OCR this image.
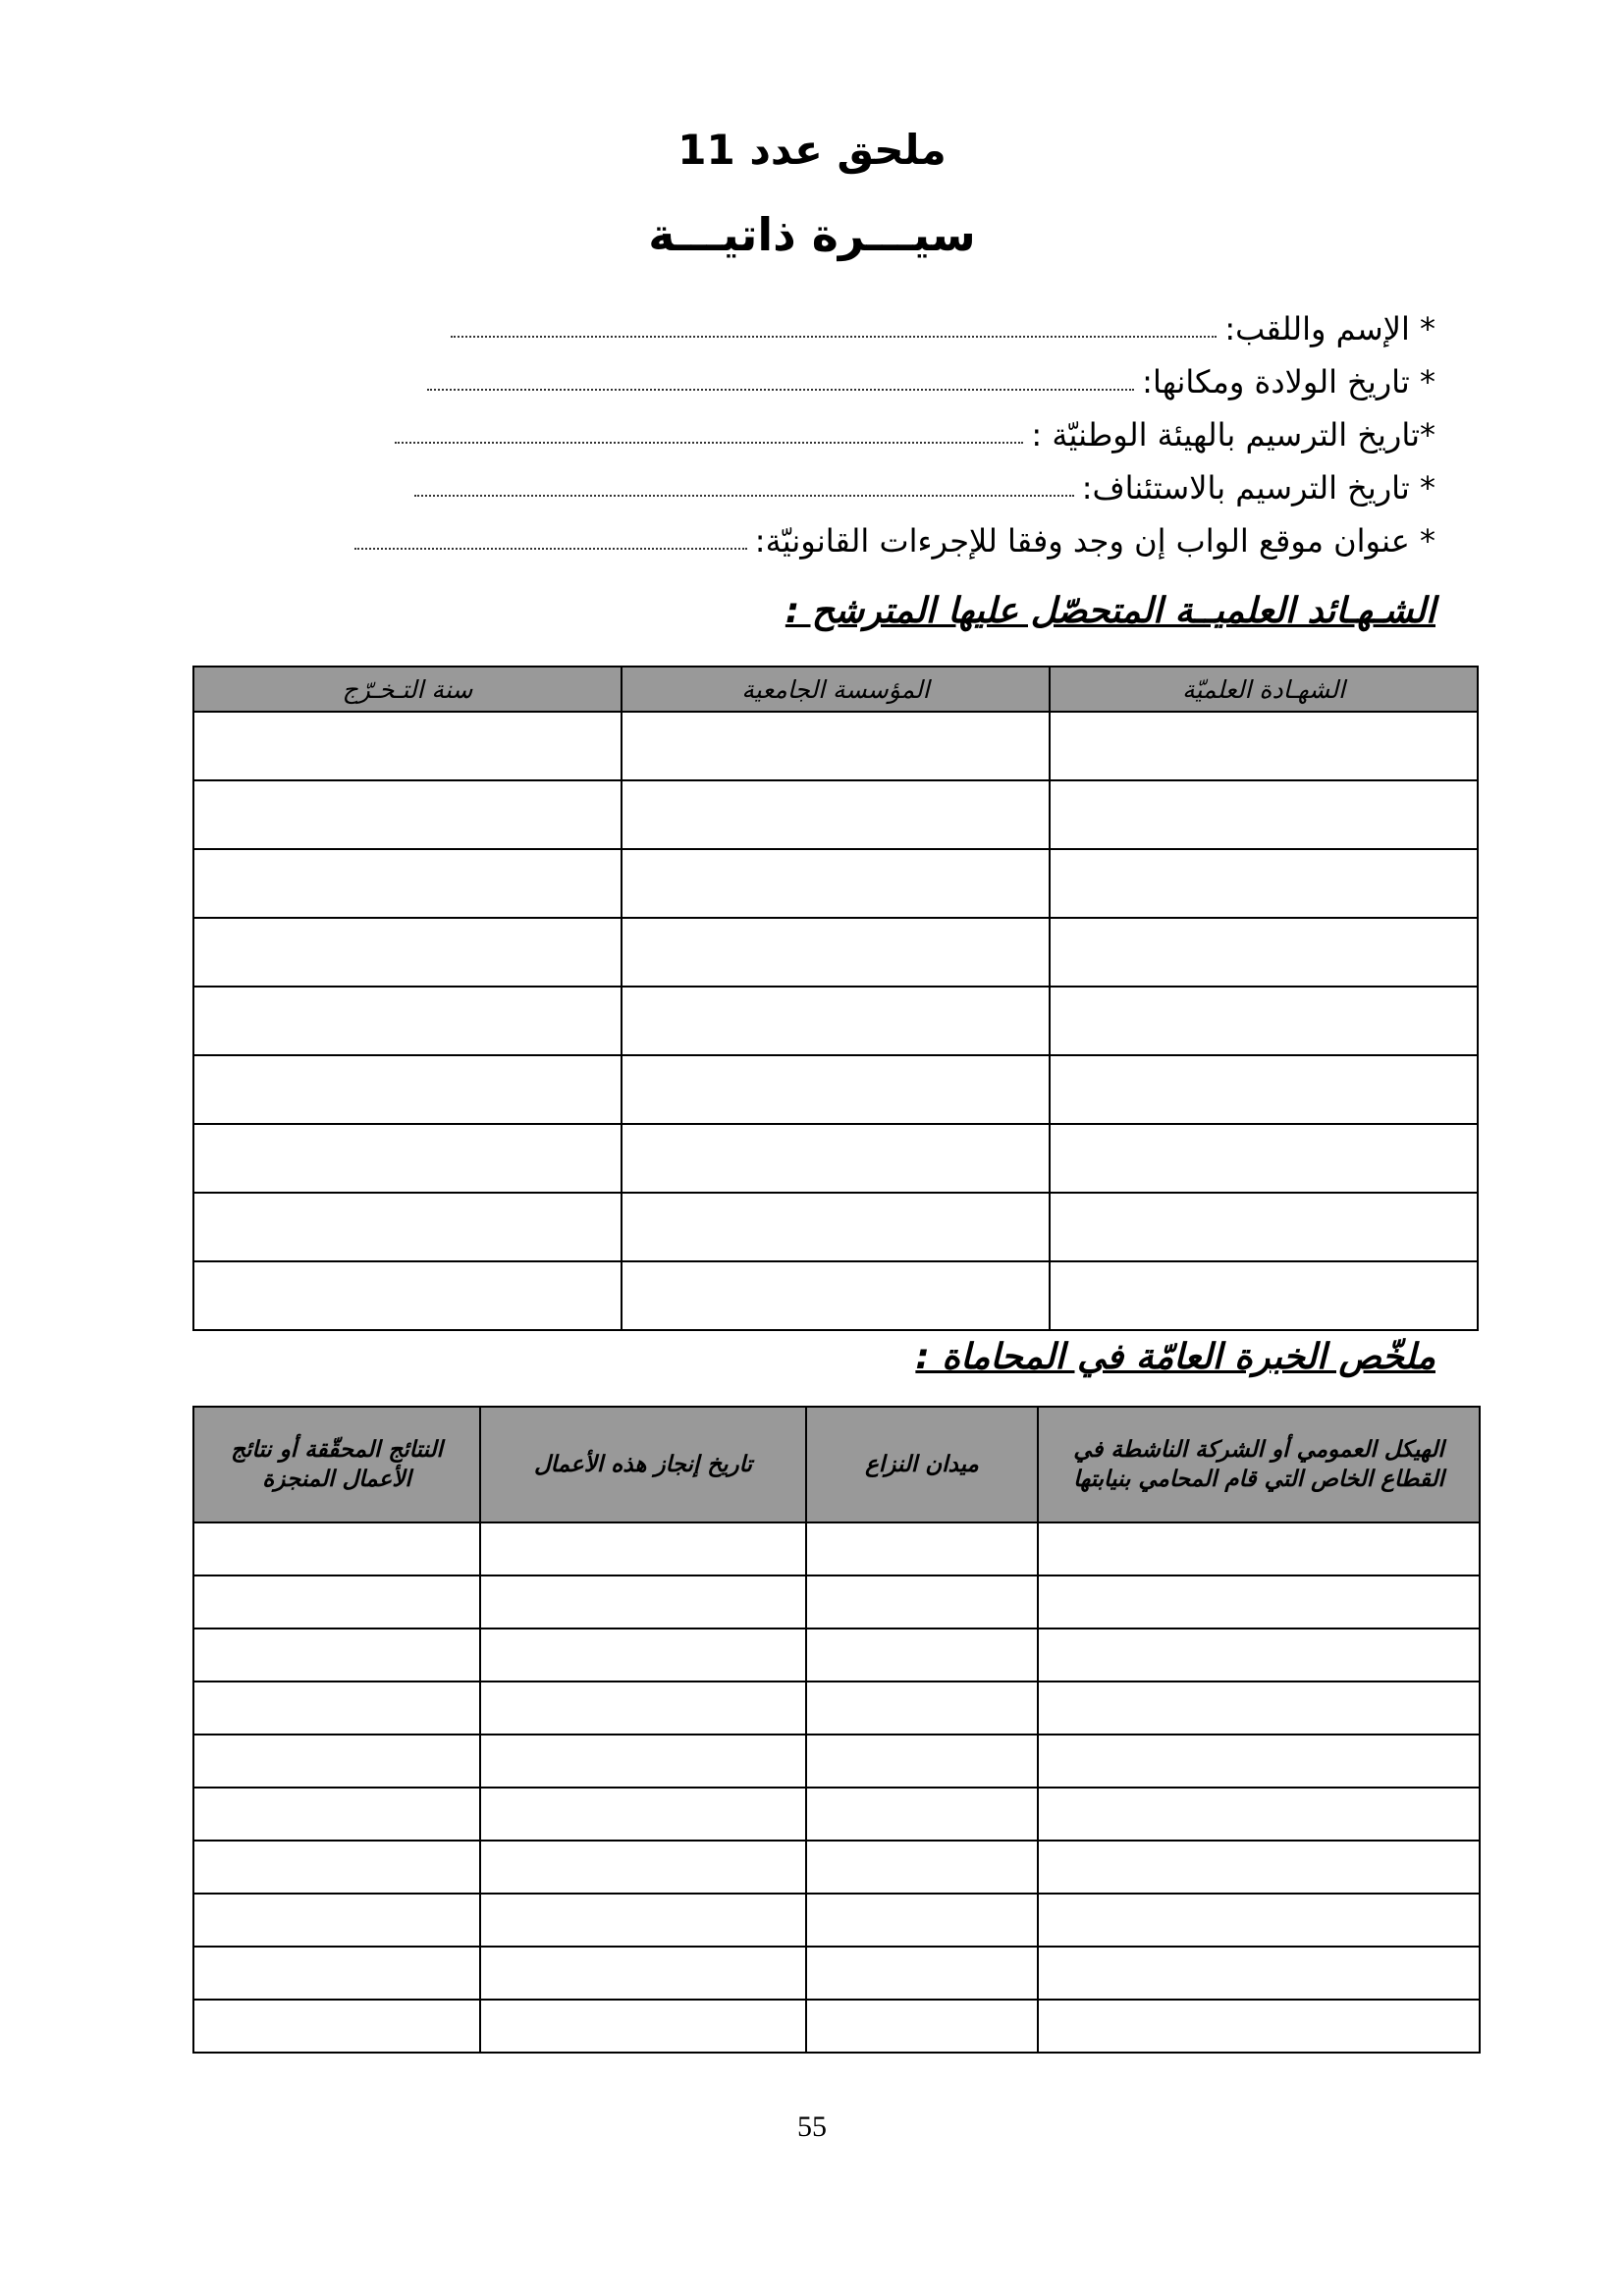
ملحق عدد 11
سيـــرة ذاتيـــة
* الإسم واللقب:
* تاريخ الولادة ومكانها:
*تاريخ الترسيم بالهيئة الوطنيّة :
* تاريخ الترسيم بالاستئناف:
* عنوان موقع الواب إن وجد وفقا للإجرءات القانونيّة:
الشـهـائد العلميــة المتحصّل عليها المترشح :
الشهـادة العلميّة	المؤسسة الجامعية	سنة التـخـرّج

ملخّص الخبرة العامّة في المحاماة :
الهيكل العمومي أو الشركة الناشطة في القطاع الخاص التي قام المحامي بنيابتها	ميدان النزاع	تاريخ إنجاز هذه الأعمال	النتائج المحقّقة أو نتائج الأعمال المنجزة

55
